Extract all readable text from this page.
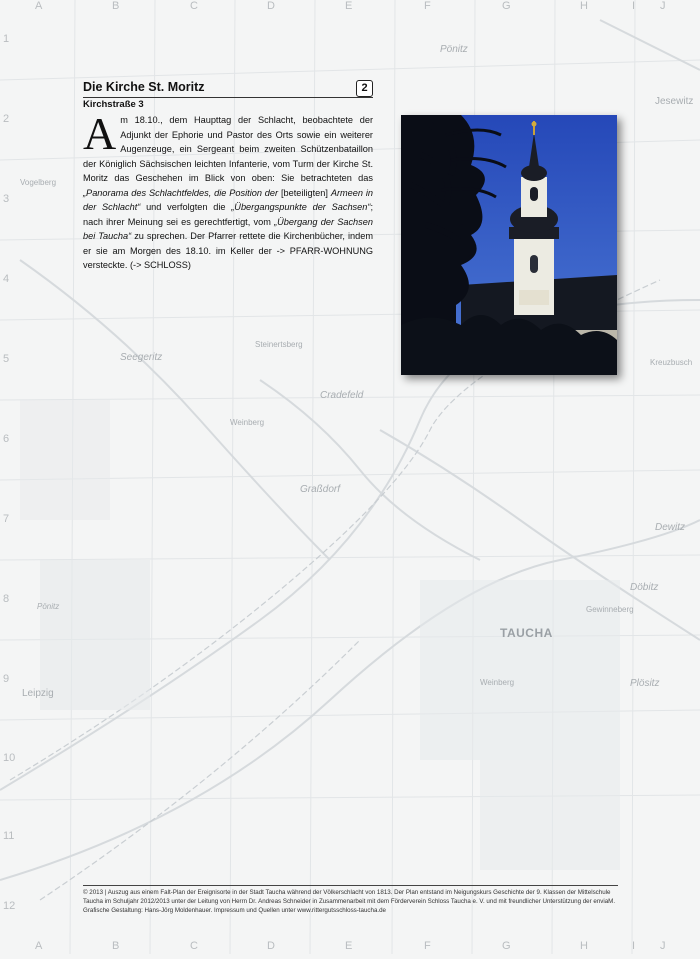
A	B	C	D	E	F	G	H	I J
A	B	C	D	E	F	G	H	I J
1
2
3
4
5
6
7
8
9
10
11
12
Pönitz
Jesewitz
Vogelberg
Seegeritz
Steinertsberg
Cradefeld
Weinberg
Kreuzbusch
Graßdorf
Dewitz
Döbitz
Pönitz	Gewinneberg
TAUCHA
Leipzig
Plösitz
Weinberg
Die Kirche St. Moritz	2
Kirchstraße 3
Am 18.10., dem Haupttag der Schlacht, beobachtete der Adjunkt der Ephorie und Pastor des Orts sowie ein weiterer Augenzeuge, ein Sergeant beim zweiten Schützenbataillon der Königlich Sächsischen leichten Infanterie, vom Turm der Kirche St. Moritz das Geschehen im Blick von oben: Sie betrachteten das „Panorama des Schlachtfeldes, die Position der [beteiligten] Armeen in der Schlacht“ und verfolgten die „Übergangspunkte der Sachsen“; nach ihrer Meinung sei es gerechtfertigt, vom „Übergang der Sachsen bei Taucha“ zu sprechen. Der Pfarrer rettete die Kirchenbücher, indem er sie am Morgen des 18.10. im Keller der -> PFARR-WOHNUNG versteckte. (-> SCHLOSS)
© 2013 | Auszug aus einem Falt-Plan der Ereignisorte in der Stadt Taucha während der Völkerschlacht von 1813. Der Plan entstand im Neigungskurs Geschichte der 9. Klassen der Mittelschule Taucha im Schuljahr 2012/2013 unter der Leitung von Herrn Dr. Andreas Schneider in Zusammenarbeit mit dem Förderverein Schloss Taucha e. V. und mit freundlicher Unterstützung der enviaM. Grafische Gestaltung: Hans-Jörg Moldenhauer. Impressum und Quellen unter www.rittergutsschloss-taucha.de
